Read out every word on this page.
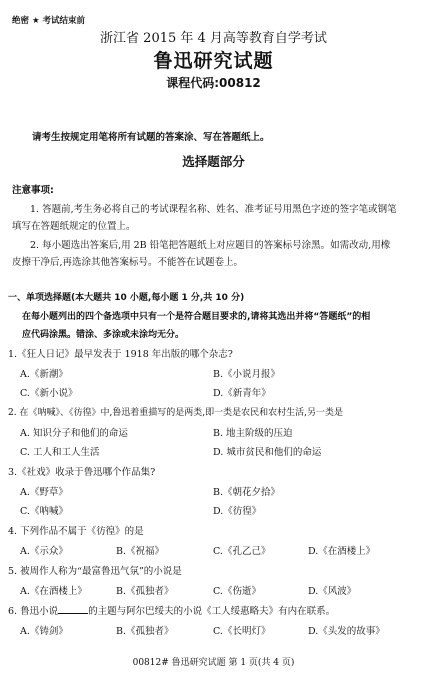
绝密 ★ 考试结束前
浙江省 2015 年 4 月高等教育自学考试
鲁迅研究试题
课程代码:00812
请考生按规定用笔将所有试题的答案涂、写在答题纸上。
选择题部分
注意事项:
1. 答题前,考生务必将自己的考试课程名称、姓名、准考证号用黑色字迹的签字笔或钢笔
填写在答题纸规定的位置上。
2. 每小题选出答案后,用 2B 铅笔把答题纸上对应题目的答案标号涂黑。如需改动,用橡
皮擦干净后,再选涂其他答案标号。不能答在试题卷上。
一、单项选择题(本大题共 10 小题,每小题 1 分,共 10 分)
在每小题列出的四个备选项中只有一个是符合题目要求的,请将其选出并将“答题纸”的相
应代码涂黑。错涂、多涂或未涂均无分。
1.《狂人日记》最早发表于 1918 年出版的哪个杂志?
A.《新潮》	B.《小说月报》
C.《新小说》	D.《新青年》
2. 在《呐喊》、《彷徨》中,鲁迅着重描写的是两类,即一类是农民和农村生活,另一类是
A. 知识分子和他们的命运	B. 地主阶级的压迫
C. 工人和工人生活	D. 城市贫民和他们的命运
3.《社戏》收录于鲁迅哪个作品集?
A.《野草》	B.《朝花夕拾》
C.《呐喊》	D.《彷徨》
4. 下列作品不属于《彷徨》的是
A.《示众》	B.《祝福》	C.《孔乙己》	D.《在酒楼上》
5. 被周作人称为“最富鲁迅气氛”的小说是
A.《在酒楼上》	B.《孤独者》	C.《伤逝》	D.《风波》
6. 鲁迅小说	的主题与阿尔巴绥夫的小说《工人绥惠略夫》有内在联系。
A.《铸剑》	B.《孤独者》	C.《长明灯》	D.《头发的故事》
00812# 鲁迅研究试题 第 1 页(共 4 页)
